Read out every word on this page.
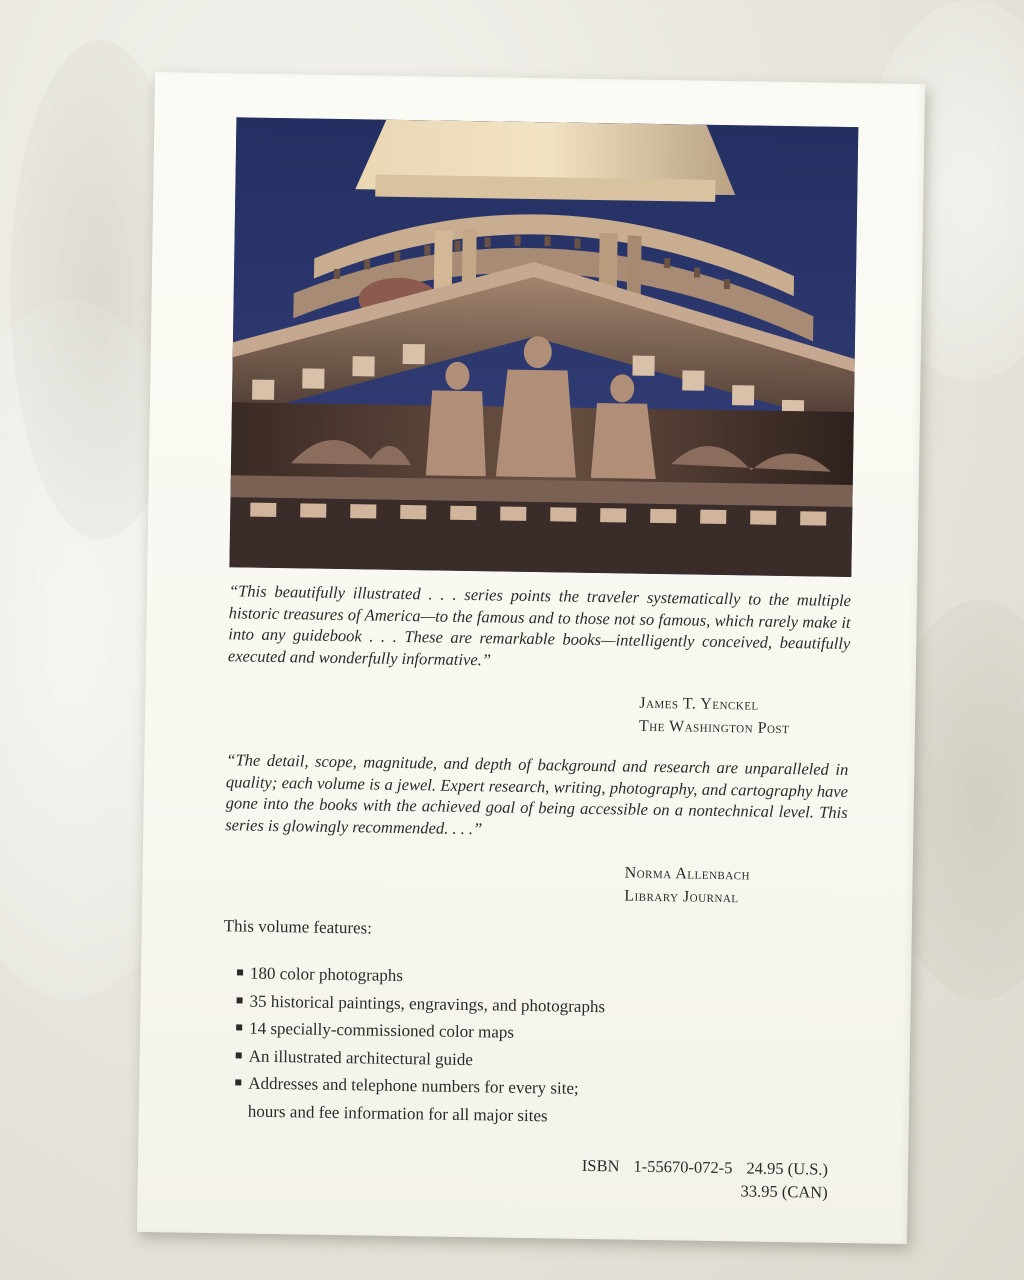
“This beautifully illustrated . . . series points the traveler systematically to the multiple historic treasures of America—to the famous and to those not so famous, which rarely make it into any guidebook . . . These are remarkable books—intelligently conceived, beautifully executed and wonderfully informative.”
James T. Yenckel
The Washington Post
“The detail, scope, magnitude, and depth of background and research are unparalleled in quality; each volume is a jewel. Expert research, writing, photography, and cartography have gone into the books with the achieved goal of being accessible on a nontechnical level. This series is glowingly recommended. . . .”
Norma Allenbach
Library Journal
This volume features:
180 color photographs
35 historical paintings, engravings, and photographs
14 specially-commissioned color maps
An illustrated architectural guide
Addresses and telephone numbers for every site;
hours and fee information for all major sites
ISBN 1-55670-072-5 24.95 (U.S.)
33.95 (CAN)
